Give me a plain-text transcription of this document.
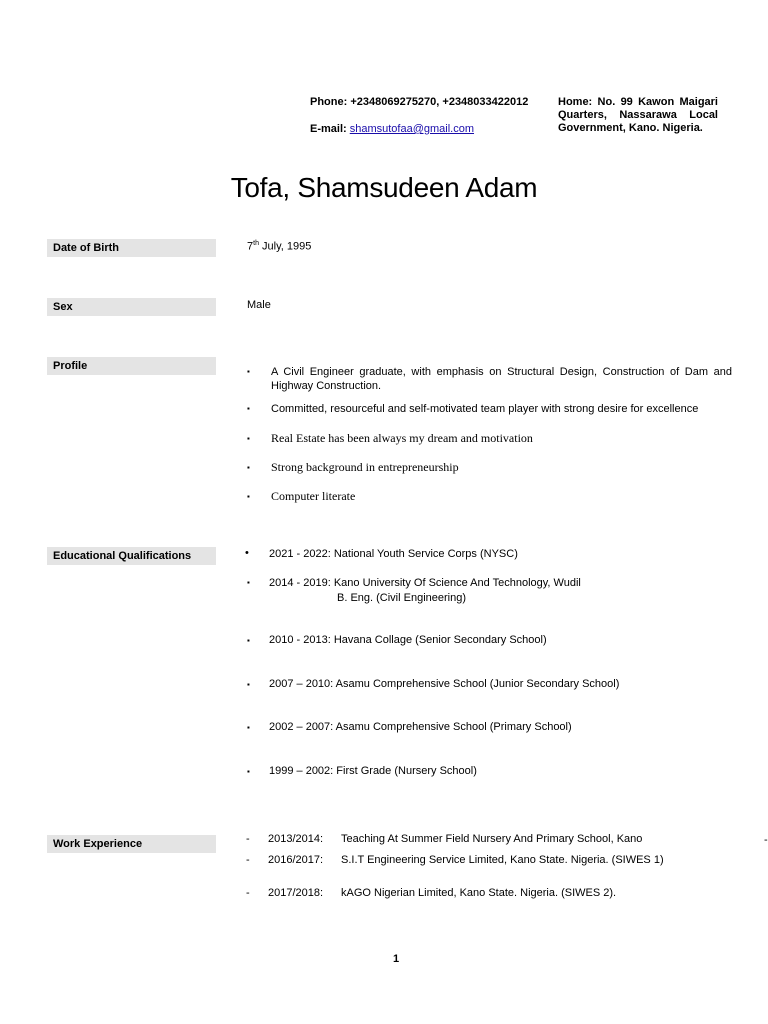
Phone: +2348069275270, +2348033422012
E-mail: shamsutofaa@gmail.com
Home: No. 99 Kawon Maigari
Quarters, Nassarawa Local
Government, Kano. Nigeria.
Tofa, Shamsudeen Adam
Date of Birth	7th July, 1995
Sex	Male
Profile	▪ A Civil Engineer graduate, with emphasis on Structural Design, Construction of Dam and Highway Construction.
▪ Committed, resourceful and self-motivated team player with strong desire for excellence
▪ Real Estate has been always my dream and motivation
▪ Strong background in entrepreneurship
▪ Computer literate
Educational Qualifications	• 2021 - 2022: National Youth Service Corps (NYSC)
▪ 2014 - 2019: Kano University Of Science And Technology, Wudil
B. Eng. (Civil Engineering)
▪ 2010 - 2013: Havana Collage (Senior Secondary School)
▪ 2007 – 2010: Asamu Comprehensive School (Junior Secondary School)
▪ 2002 – 2007: Asamu Comprehensive School (Primary School)
▪ 1999 – 2002: First Grade (Nursery School)
Work Experience	- 2013/2014: Teaching At Summer Field Nursery And Primary School, Kano
- 2016/2017: S.I.T Engineering Service Limited, Kano State. Nigeria. (SIWES 1)
- 2017/2018: kAGO Nigerian Limited, Kano State. Nigeria. (SIWES 2).
-
1
